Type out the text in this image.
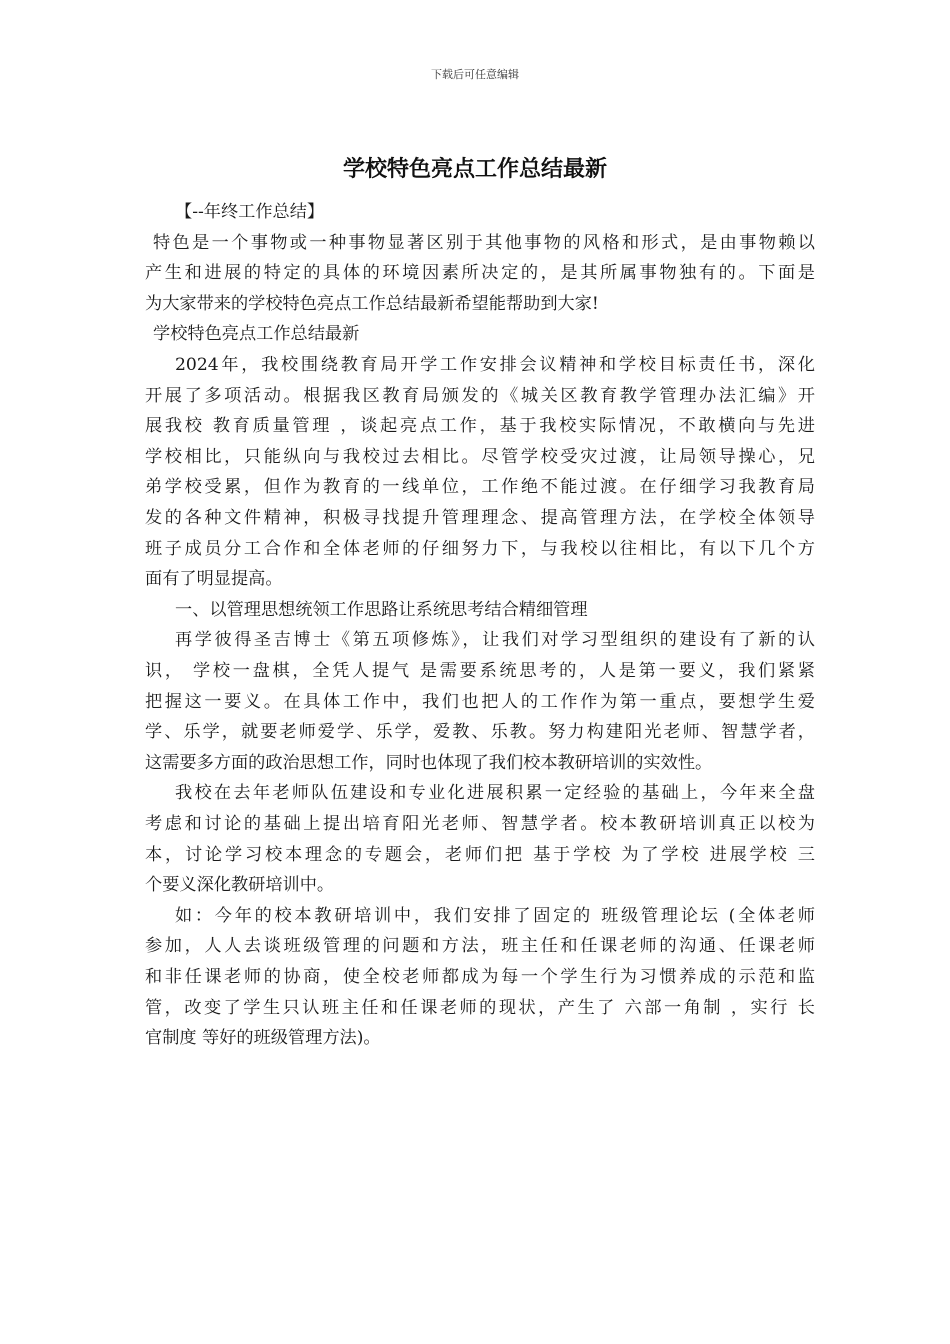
下载后可任意编辑
学校特色亮点工作总结最新
【--年终工作总结】
特色是一个事物或一种事物显著区别于其他事物的风格和形式，是由事物赖以
产生和进展的特定的具体的环境因素所决定的，是其所属事物独有的。下面是
为大家带来的学校特色亮点工作总结最新希望能帮助到大家!
学校特色亮点工作总结最新
2024年，我校围绕教育局开学工作安排会议精神和学校目标责任书，深化
开展了多项活动。根据我区教育局颁发的《城关区教育教学管理办法汇编》开
展我校 教育质量管理 ，谈起亮点工作，基于我校实际情况，不敢横向与先进
学校相比，只能纵向与我校过去相比。尽管学校受灾过渡，让局领导操心，兄
弟学校受累，但作为教育的一线单位，工作绝不能过渡。在仔细学习我教育局
发的各种文件精神，积极寻找提升管理理念、提高管理方法，在学校全体领导
班子成员分工合作和全体老师的仔细努力下，与我校以往相比，有以下几个方
面有了明显提高。
一、以管理思想统领工作思路让系统思考结合精细管理
再学彼得圣吉博士《第五项修炼》，让我们对学习型组织的建设有了新的认
识， 学校一盘棋，全凭人提气 是需要系统思考的，人是第一要义，我们紧紧
把握这一要义。在具体工作中，我们也把人的工作作为第一重点，要想学生爱
学、乐学，就要老师爱学、乐学，爱教、乐教。努力构建阳光老师、智慧学者，
这需要多方面的政治思想工作，同时也体现了我们校本教研培训的实效性。
我校在去年老师队伍建设和专业化进展积累一定经验的基础上，今年来全盘
考虑和讨论的基础上提出培育阳光老师、智慧学者。校本教研培训真正以校为
本，讨论学习校本理念的专题会，老师们把 基于学校 为了学校 进展学校 三
个要义深化教研培训中。
如：今年的校本教研培训中，我们安排了固定的 班级管理论坛 (全体老师
参加，人人去谈班级管理的问题和方法，班主任和任课老师的沟通、任课老师
和非任课老师的协商，使全校老师都成为每一个学生行为习惯养成的示范和监
管，改变了学生只认班主任和任课老师的现状，产生了 六部一角制 ，实行 长
官制度 等好的班级管理方法)。
